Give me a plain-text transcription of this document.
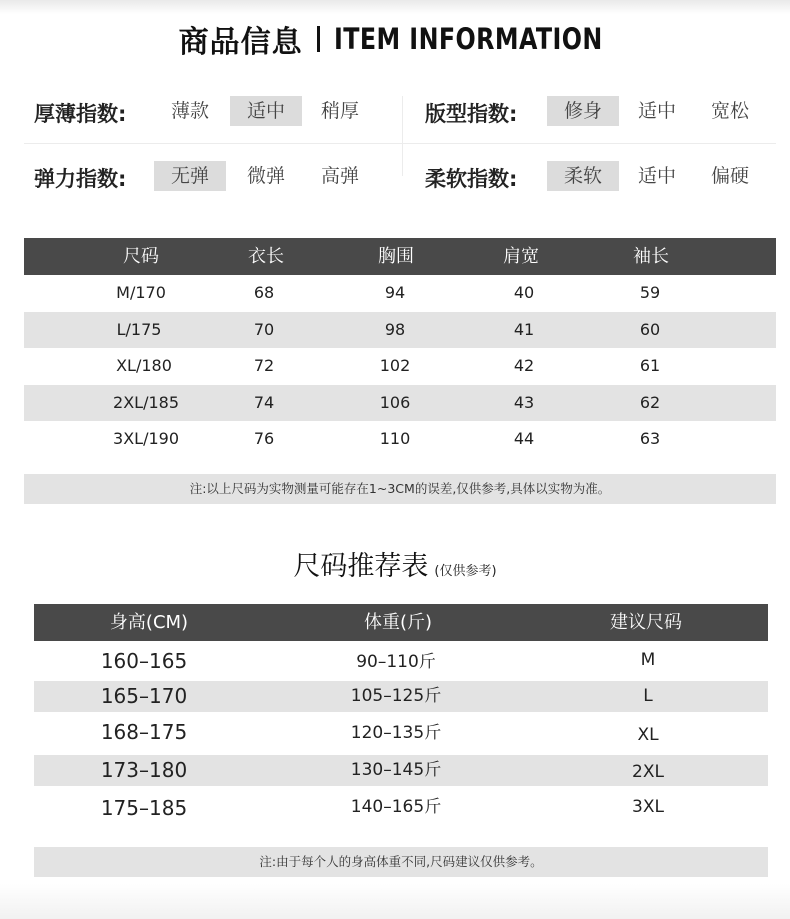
商品信息 ITEM INFORMATION
厚薄指数:	薄款	适中	稍厚	版型指数:	修身	适中	宽松
弹力指数:	无弹	微弹	高弹	柔软指数:	柔软	适中	偏硬
尺码	衣长	胸围	肩宽	袖长
M/170	68	94	40	59
L/175	70	98	41	60
XL/180	72	102	42	61
2XL/185	74	106	43	62
3XL/190	76	110	44	63
注:以上尺码为实物测量可能存在1~3CM的误差,仅供参考,具体以实物为准。
尺码推荐表 (仅供参考)
身高(CM)	体重(斤)	建议尺码
160–165	90–110斤	M
165–170	105–125斤	L
168–175	120–135斤	XL
173–180	130–145斤	2XL
175–185	140–165斤	3XL
注:由于每个人的身高体重不同,尺码建议仅供参考。
